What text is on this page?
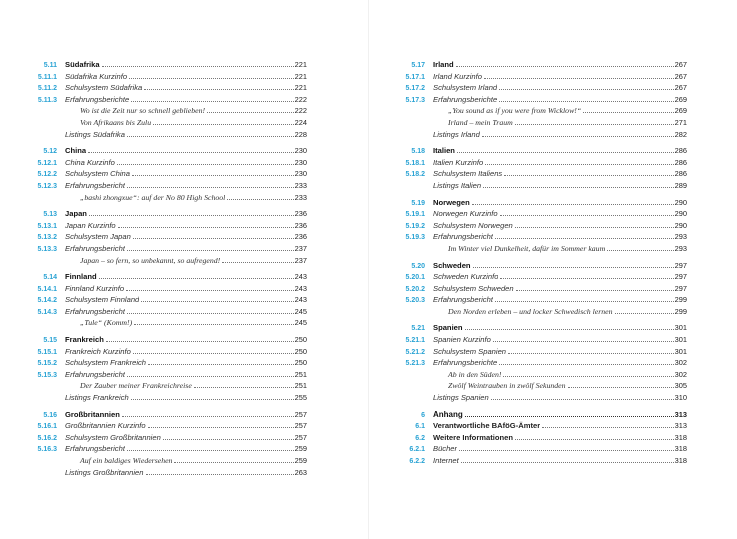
5.11	Südafrika	221
5.11.1	Südafrika Kurzinfo	221
5.11.2	Schulsystem Südafrika	221
5.11.3	Erfahrungsberichte	222
Wo ist die Zeit nur so schnell geblieben!	222
Von Afrikaans bis Zulu	224
Listings Südafrika	228
5.12	China	230
5.12.1	China Kurzinfo	230
5.12.2	Schulsystem China	230
5.12.3	Erfahrungsbericht	233
„bashi zhongxue“: auf der No 80 High School	233
5.13	Japan	236
5.13.1	Japan Kurzinfo	236
5.13.2	Schulsystem Japan	236
5.13.3	Erfahrungsbericht	237
Japan – so fern, so unbekannt, so aufregend!	237
5.14	Finnland	243
5.14.1	Finnland Kurzinfo	243
5.14.2	Schulsystem Finnland	243
5.14.3	Erfahrungsbericht	245
„Tule“ (Komm!)	245
5.15	Frankreich	250
5.15.1	Frankreich Kurzinfo	250
5.15.2	Schulsystem Frankreich	250
5.15.3	Erfahrungsbericht	251
Der Zauber meiner Frankreichreise	251
Listings Frankreich	255
5.16	Großbritannien	257
5.16.1	Großbritannien Kurzinfo	257
5.16.2	Schulsystem Großbritannien	257
5.16.3	Erfahrungsbericht	259
Auf ein baldiges Wiedersehen	259
Listings Großbritannien	263
5.17	Irland	267
5.17.1	Irland Kurzinfo	267
5.17.2	Schulsystem Irland	267
5.17.3	Erfahrungsberichte	269
„You sound as if you were from Wicklow!“	269
Irland – mein Traum	271
Listings Irland	282
5.18	Italien	286
5.18.1	Italien Kurzinfo	286
5.18.2	Schulsystem Italiens	286
Listings Italien	289
5.19	Norwegen	290
5.19.1	Norwegen Kurzinfo	290
5.19.2	Schulsystem Norwegen	290
5.19.3	Erfahrungsbericht	293
Im Winter viel Dunkelheit, dafür im Sommer kaum	293
5.20	Schweden	297
5.20.1	Schweden Kurzinfo	297
5.20.2	Schulsystem Schweden	297
5.20.3	Erfahrungsbericht	299
Den Norden erleben – und locker Schwedisch lernen	299
5.21	Spanien	301
5.21.1	Spanien Kurzinfo	301
5.21.2	Schulsystem Spanien	301
5.21.3	Erfahrungsberichte	302
Ab in den Süden!	302
Zwölf Weintrauben in zwölf Sekunden	305
Listings Spanien	310
6	Anhang	313
6.1	Verantwortliche BAföG-Ämter	313
6.2	Weitere Informationen	318
6.2.1	Bücher	318
6.2.2	Internet	318
